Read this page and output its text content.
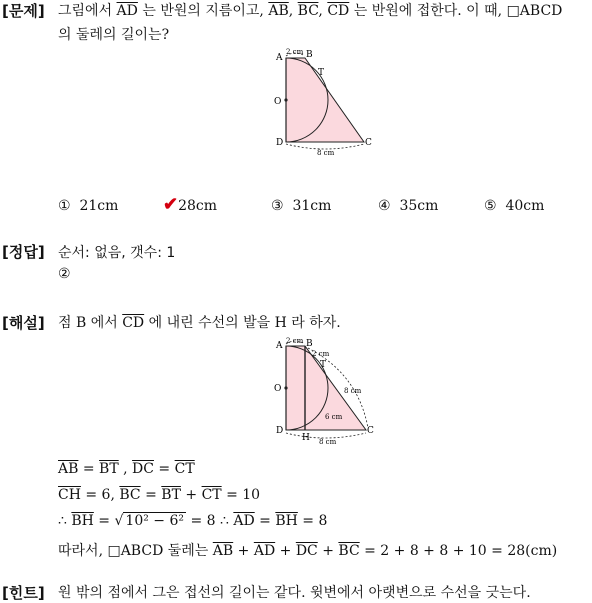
[문제] 그림에서 $\overline{AD}$ 는 반원의 지름이고, $\overline{AB}$, $\overline{BC}$, $\overline{CD}$ 는 반원에 접한다. 이 때, □ABCD
의 둘레의 길이는?
A	B
C
D
O
T
2 cm
8 cm
① 21cm ✔28cm	③ 31cm	④ 35cm	⑤ 40cm
[정답] 순서: 없음, 갯수: 1
②
[해설] 점 B 에서 $\overline{CD}$ 에 내린 수선의 발을 H 라 하자.
A	B
C
D
O
T
H
2 cm
2 cm
8 cm
6 cm
8 cm
$\overline{AB} = \overline{BT}$ , $\overline{DC} = \overline{CT}$
$\overline{CH} = 6$, $\overline{BC} = \overline{BT} + \overline{CT} = 10$
∴ $\overline{BH}$ = √ 10² − 6² = 8 ∴ $\overline{AD} = \overline{BH} = 8$
따라서, □ABCD 둘레는 $\overline{AB} + \overline{AD} + \overline{DC} + \overline{BC} = 2 + 8 + 8 + 10 = 28(cm)$
[힌트] 원 밖의 점에서 그은 접선의 길이는 같다. 윗변에서 아랫변으로 수선을 긋는다.
